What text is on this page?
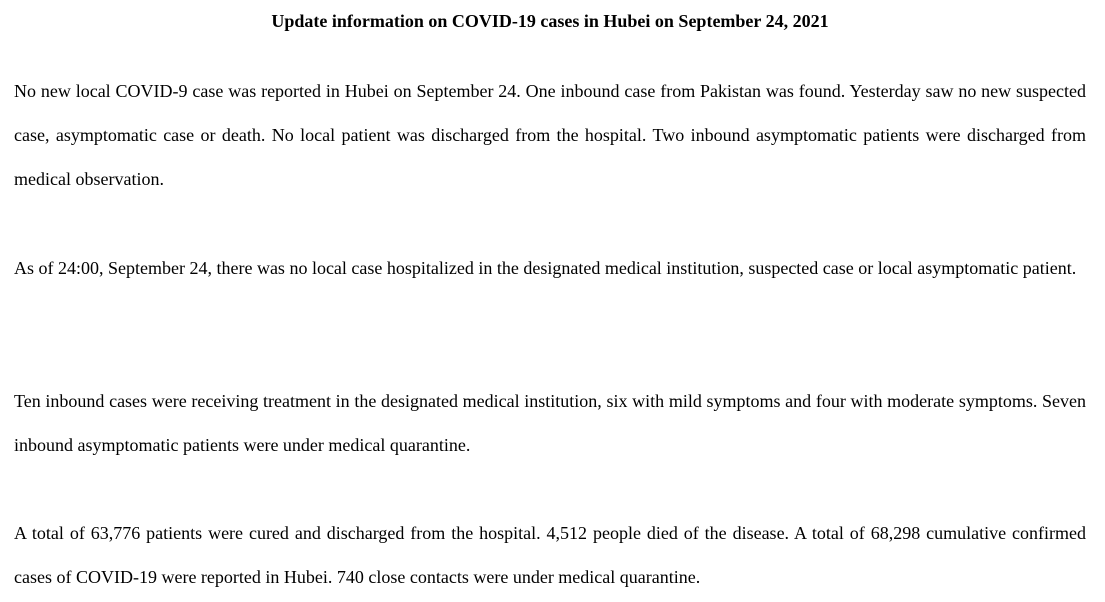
Update information on COVID-19 cases in Hubei on September 24, 2021

No new local COVID-9 case was reported in Hubei on September 24. One inbound case from Pakistan was found. Yesterday saw no new suspected case, asymptomatic case or death. No local patient was discharged from the hospital. Two inbound asymptomatic patients were discharged from medical observation.

As of 24:00, September 24, there was no local case hospitalized in the designated medical institution, suspected case or local asymptomatic patient.

Ten inbound cases were receiving treatment in the designated medical institution, six with mild symptoms and four with moderate symptoms. Seven inbound asymptomatic patients were under medical quarantine.

A total of 63,776 patients were cured and discharged from the hospital. 4,512 people died of the disease. A total of 68,298 cumulative confirmed cases of COVID-19 were reported in Hubei. 740 close contacts were under medical quarantine.
